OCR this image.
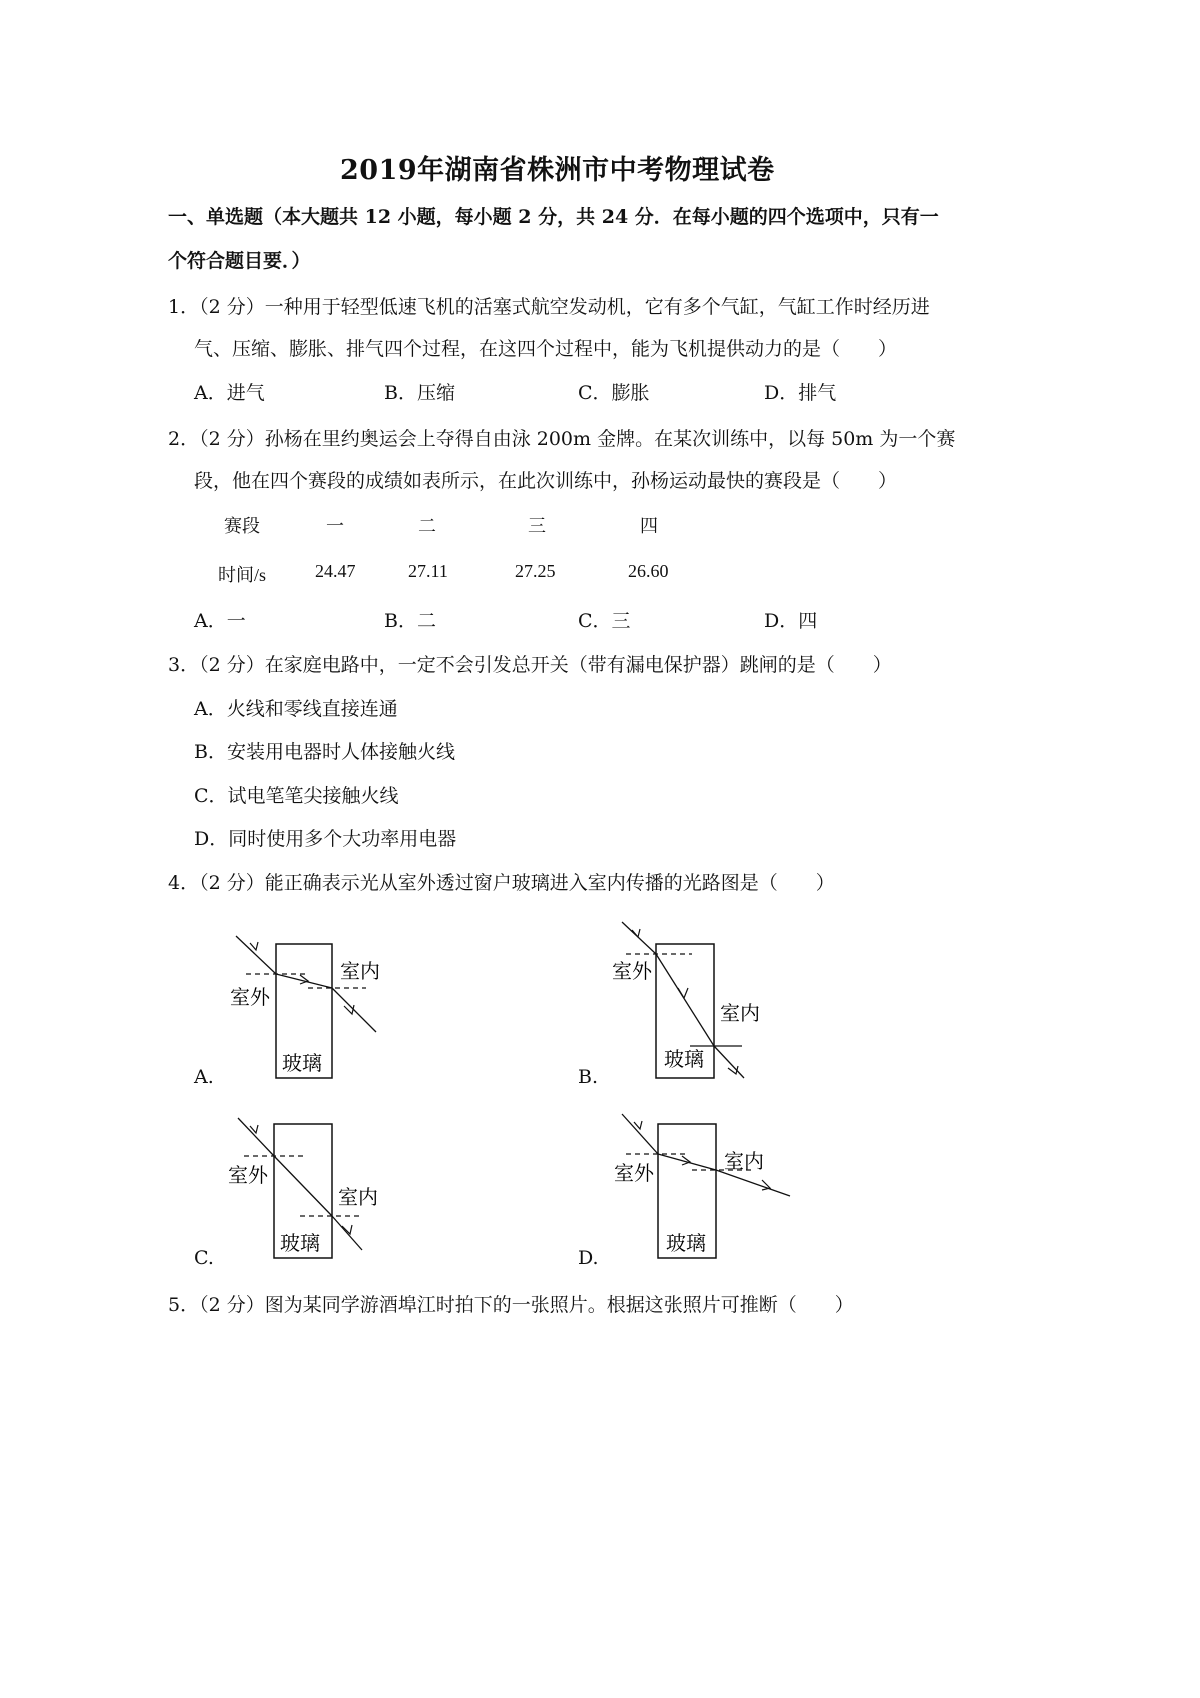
2019年湖南省株洲市中考物理试卷
一、单选题（本大题共 12 小题，每小题 2 分，共 24 分．在每小题的四个选项中，只有一
个符合题目要．）
1．（2 分）一种用于轻型低速飞机的活塞式航空发动机，它有多个气缸，气缸工作时经历进
气、压缩、膨胀、排气四个过程，在这四个过程中，能为飞机提供动力的是（　　）
A．进气	B．压缩	C．膨胀	D．排气
2．（2 分）孙杨在里约奥运会上夺得自由泳 200m 金牌。在某次训练中，以每 50m 为一个赛
段，他在四个赛段的成绩如表所示，在此次训练中，孙杨运动最快的赛段是（　　）
赛段	一	二	三	四
时间/s	24.47	27.11	27.25	26.60
A．一	B．二	C．三	D．四
3．（2 分）在家庭电路中，一定不会引发总开关（带有漏电保护器）跳闸的是（　　）
A．火线和零线直接连通
B．安装用电器时人体接触火线
C．试电笔笔尖接触火线
D．同时使用多个大功率用电器
4．（2 分）能正确表示光从室外透过窗户玻璃进入室内传播的光路图是（　　）
A.	B.
C.	D.
室外
室内
玻璃
室外
室内
玻璃
室外
室内
玻璃
室外	室内
玻璃
5．（2 分）图为某同学游酒埠江时拍下的一张照片。根据这张照片可推断（　　）
